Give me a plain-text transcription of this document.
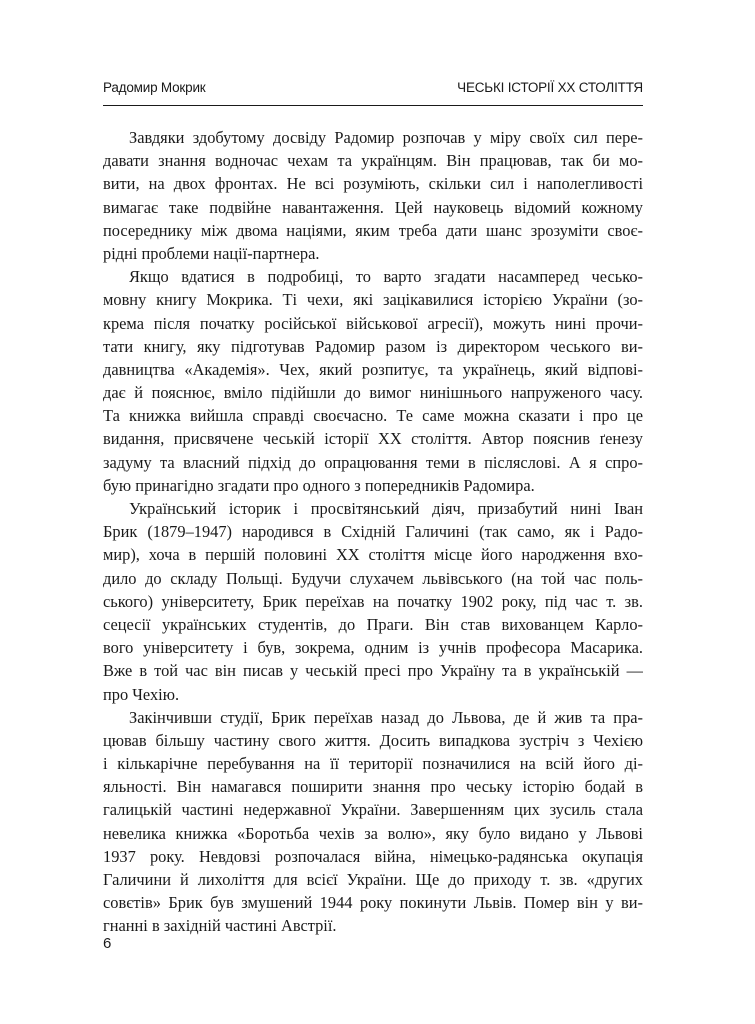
Радомир Мокрик	ЧЕСЬКІ ІСТОРІЇ XX СТОЛІТТЯ
Завдяки здобутому досвіду Радомир розпочав у міру своїх сил пере-
давати знання водночас чехам та українцям. Він працював, так би мо-
вити, на двох фронтах. Не всі розуміють, скільки сил і наполегливості
вимагає таке подвійне навантаження. Цей науковець відомий кожному
посереднику між двома націями, яким треба дати шанс зрозуміти своє-
рідні проблеми нації-партнера.
Якщо вдатися в подробиці, то варто згадати насамперед чесько-
мовну книгу Мокрика. Ті чехи, які зацікавилися історією України (зо-
крема після початку російської військової агресії), можуть нині прочи-
тати книгу, яку підготував Радомир разом із директором чеського ви-
давництва «Академія». Чех, який розпитує, та українець, який відпові-
дає й пояснює, вміло підійшли до вимог нинішнього напруженого часу.
Та книжка вийшла справді своєчасно. Те саме можна сказати і про це
видання, присвячене чеській історії XX століття. Автор пояснив ґенезу
задуму та власний підхід до опрацювання теми в післяслові. А я спро-
бую принагідно згадати про одного з попередників Радомира.
Український історик і просвітянський діяч, призабутий нині Іван
Брик (1879–1947) народився в Східній Галичині (так само, як і Радо-
мир), хоча в першій половині XX століття місце його народження вхо-
дило до складу Польщі. Будучи слухачем львівського (на той час поль-
ського) університету, Брик переїхав на початку 1902 року, під час т. зв.
сецесії українських студентів, до Праги. Він став вихованцем Карло-
вого університету і був, зокрема, одним із учнів професора Масарика.
Вже в той час він писав у чеській пресі про Україну та в українській —
про Чехію.
Закінчивши студії, Брик переїхав назад до Львова, де й жив та пра-
цював більшу частину свого життя. Досить випадкова зустріч з Чехією
і кількарічне перебування на її території позначилися на всій його ді-
яльності. Він намагався поширити знання про чеську історію бодай в
галицькій частині недержавної України. Завершенням цих зусиль стала
невелика книжка «Боротьба чехів за волю», яку було видано у Львові
1937 року. Невдовзі розпочалася війна, німецько-радянська окупація
Галичини й лихоліття для всієї України. Ще до приходу т. зв. «других
совєтів» Брик був змушений 1944 року покинути Львів. Помер він у ви-
гнанні в західній частині Австрії.
6
